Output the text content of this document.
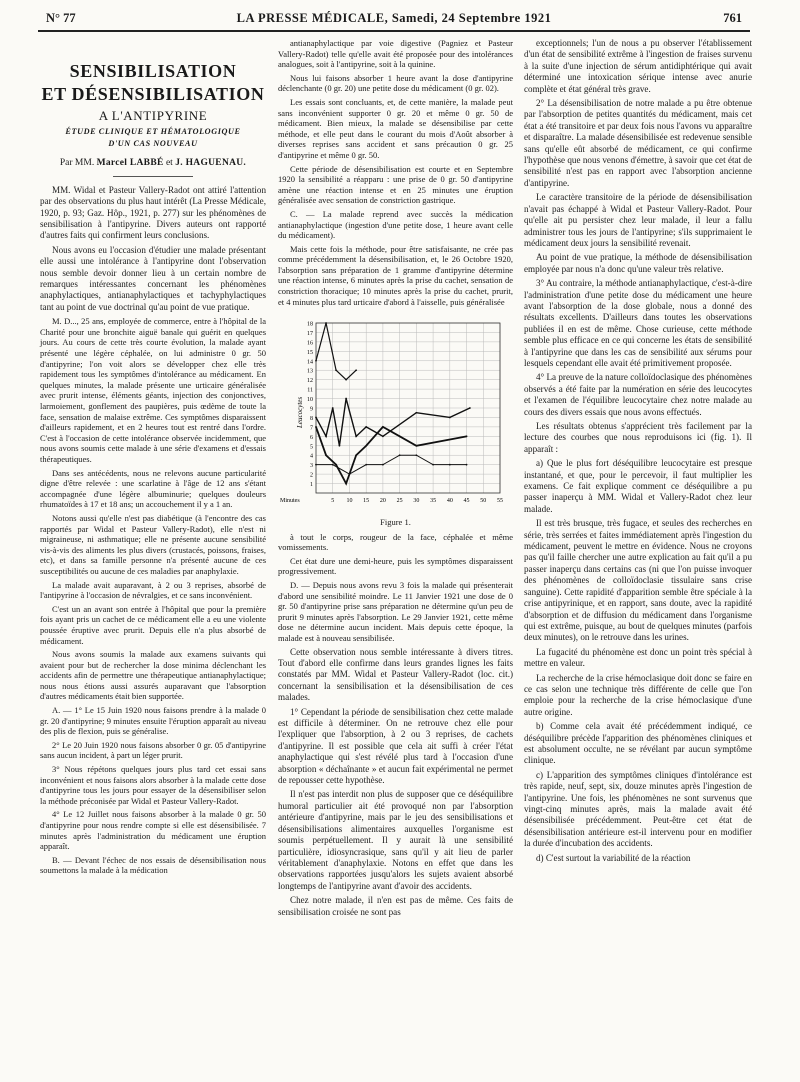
N° 77	LA PRESSE MÉDICALE, Samedi, 24 Septembre 1921	761
SENSIBILISATION
ET DÉSENSIBILISATION
A L'ANTIPYRINE
ÉTUDE CLINIQUE ET HÉMATOLOGIQUE
D'UN CAS NOUVEAU
Par MM. Marcel LABBÉ et J. HAGUENAU.

MM. Widal et Pasteur Vallery-Radot ont attiré l'attention par des observations du plus haut intérêt (La Presse Médicale, 1920, p. 93; Gaz. Hôp., 1921, p. 277) sur les phénomènes de sensibilisation à l'antipyrine. Divers auteurs ont rapporté d'autres faits qui confirment leurs conclusions.

Nous avons eu l'occasion d'étudier une malade présentant elle aussi une intolérance à l'antipyrine dont l'observation nous semble devoir donner lieu à un certain nombre de remarques intéressantes concernant les phénomènes anaphylactiques, antianaphylactiques et tachyphylactiques tant au point de vue doctrinal qu'au point de vue pratique.

M. D..., 25 ans, employée de commerce, entre à l'hôpital de la Charité pour une bronchite aiguë banale qui guérit en quelques jours. Au cours de cette très courte évolution, la malade ayant présenté une légère céphalée, on lui administre 0 gr. 50 d'antipyrine; l'on voit alors se développer chez elle très rapidement tous les symptômes d'intolérance au médicament. En quelques minutes, la malade présente une urticaire généralisée avec prurit intense, éléments géants, injection des conjonctives, larmoiement, gonflement des paupières, puis œdème de toute la face, sensation de malaise extrême. Ces symptômes disparaissent d'ailleurs rapidement, et en 2 heures tout est rentré dans l'ordre. C'est à l'occasion de cette intolérance observée incidemment, que nous avons soumis cette malade à une série d'examens et d'essais thérapeutiques.

Dans ses antécédents, nous ne relevons aucune particularité digne d'être relevée : une scarlatine à l'âge de 12 ans s'étant accompagnée d'une légère albuminurie; quelques douleurs rhumatoïdes à 17 et 18 ans; un accouchement il y a 1 an.

Notons aussi qu'elle n'est pas diabétique (à l'encontre des cas rapportés par Widal et Pasteur Vallery-Radot), elle n'est ni migraineuse, ni asthmatique; elle ne présente aucune sensibilité vis-à-vis des aliments les plus divers (crustacés, poissons, fraises, etc), et dans sa famille personne n'a présenté aucune de ces susceptibilités ou aucune de ces maladies par anaphylaxie.

La malade avait auparavant, à 2 ou 3 reprises, absorbé de l'antipyrine à l'occasion de névralgies, et ce sans inconvénient.

C'est un an avant son entrée à l'hôpital que pour la première fois ayant pris un cachet de ce médicament elle a eu une violente poussée éruptive avec prurit. Depuis elle n'a plus absorbé de médicament.

Nous avons soumis la malade aux examens suivants qui avaient pour but de rechercher la dose minima déclenchant les accidents afin de permettre une thérapeutique antianaphylactique; nous nous étions aussi assurés auparavant que l'absorption d'autres médicaments était bien supportée.

A. — 1° Le 15 Juin 1920 nous faisons prendre à la malade 0 gr. 20 d'antipyrine; 9 minutes ensuite l'éruption apparaît au niveau des plis de flexion, puis se généralise.

2° Le 20 Juin 1920 nous faisons absorber 0 gr. 05 d'antipyrine sans aucun incident, à part un léger prurit.

3° Nous répétons quelques jours plus tard cet essai sans inconvénient et nous faisons alors absorber à la malade cette dose d'antipyrine tous les jours pour essayer de la désensibiliser selon la méthode préconisée par Widal et Pasteur Vallery-Radot.

4° Le 12 Juillet nous faisons absorber à la malade 0 gr. 50 d'antipyrine pour nous rendre compte si elle est désensibilisée. 7 minutes après l'administration du médicament une éruption apparaît.

B. — Devant l'échec de nos essais de désensibilisation nous soumettons la malade à la médication

antianaphylactique par voie digestive (Pagniez et Pasteur Vallery-Radot) telle qu'elle avait été proposée pour des intolérances analogues, soit à l'antipyrine, soit à la quinine.

Nous lui faisons absorber 1 heure avant la dose d'antipyrine déclenchante (0 gr. 20) une petite dose du médicament (0 gr. 02).

Les essais sont concluants, et, de cette manière, la malade peut sans inconvénient supporter 0 gr. 20 et même 0 gr. 50 de médicament. Bien mieux, la malade se désensibilise par cette méthode, et elle peut dans le courant du mois d'Août absorber à diverses reprises sans accident et sans précaution 0 gr. 25 d'antipyrine et même 0 gr. 50.

Cette période de désensibilisation est courte et en Septembre 1920 la sensibilité a réapparu : une prise de 0 gr. 50 d'antipyrine amène une réaction intense et en 25 minutes une éruption généralisée avec sensation de constriction gastrique.

C. — La malade reprend avec succès la médication antianaphylactique (ingestion d'une petite dose, 1 heure avant celle du médicament).

Mais cette fois la méthode, pour être satisfaisante, ne crée pas comme précédemment la désensibilisation, et, le 26 Octobre 1920, l'absorption sans préparation de 1 gramme d'antipyrine détermine une réaction intense, 6 minutes après la prise du cachet, sensation de constriction thoracique; 10 minutes après la prise du cachet, prurit, et 4 minutes plus tard urticaire d'abord à l'aisselle, puis généralisée

1
2
3
4
5
6
7
8
9
10
11
12
13
14
15
16
17
18
5 10 15 20 25 30 35 40 45 50 55
Minutes
Leucocytes

Figure 1.

à tout le corps, rougeur de la face, céphalée et même vomissements.

Cet état dure une demi-heure, puis les symptômes disparaissent progressivement.

D. — Depuis nous avons revu 3 fois la malade qui présenterait d'abord une sensibilité moindre. Le 11 Janvier 1921 une dose de 0 gr. 50 d'antipyrine prise sans préparation ne détermine qu'un peu de prurit 9 minutes après l'absorption. Le 29 Janvier 1921, cette même dose ne détermine aucun incident. Mais depuis cette époque, la malade est à nouveau sensibilisée.

Cette observation nous semble intéressante à divers titres. Tout d'abord elle confirme dans leurs grandes lignes les faits constatés par MM. Widal et Pasteur Vallery-Radot (loc. cit.) concernant la sensibilisation et la désensibilisation de ces malades.

1° Cependant la période de sensibilisation chez cette malade est difficile à déterminer. On ne retrouve chez elle pour l'expliquer que l'absorption, à 2 ou 3 reprises, de cachets d'antipyrine. Il est possible que cela ait suffi à créer l'état anaphylactique qui s'est révélé plus tard à l'occasion d'une absorption « déchaînante » et aucun fait expérimental ne permet de repousser cette hypothèse.

Il n'est pas interdit non plus de supposer que ce déséquilibre humoral particulier ait été provoqué non par l'absorption antérieure d'antipyrine, mais par le jeu des sensibilisations et désensibilisations alimentaires auxquelles l'organisme est soumis perpétuellement. Il y aurait là une sensibilité particulière, idiosyncrasique, sans qu'il y ait lieu de parler véritablement d'anaphylaxie. Notons en effet que dans les observations rapportées jusqu'alors les sujets avaient absorbé longtemps de l'antipyrine avant d'avoir des accidents.

Chez notre malade, il n'en est pas de même. Ces faits de sensibilisation croisée ne sont pas

exceptionnels; l'un de nous a pu observer l'établissement d'un état de sensibilité extrême à l'ingestion de fraises survenu à la suite d'une injection de sérum antidiphtérique qui avait déterminé une intoxication sérique intense avec anurie complète et état général très grave.

2° La désensibilisation de notre malade a pu être obtenue par l'absorption de petites quantités du médicament, mais cet état a été transitoire et par deux fois nous l'avons vu apparaître et disparaître. La malade désensibilisée est redevenue sensible sans qu'elle eût absorbé de médicament, ce qui confirme l'hypothèse que nous venons d'émettre, à savoir que cet état de sensibilité n'est pas en rapport avec l'absorption ancienne d'antipyrine.

Le caractère transitoire de la période de désensibilisation n'avait pas échappé à Widal et Pasteur Vallery-Radot. Pour qu'elle ait pu persister chez leur malade, il leur a fallu administrer tous les jours de l'antipyrine; s'ils supprimaient le médicament deux jours la sensibilité revenait.

Au point de vue pratique, la méthode de désensibilisation employée par nous n'a donc qu'une valeur très relative.

3° Au contraire, la méthode antianaphylactique, c'est-à-dire l'administration d'une petite dose du médicament une heure avant l'absorption de la dose globale, nous a donné des résultats excellents. D'ailleurs dans toutes les observations publiées il en est de même. Chose curieuse, cette méthode semble plus efficace en ce qui concerne les états de sensibilité à l'antipyrine que dans les cas de sensibilité aux sérums pour lesquels cependant elle avait été primitivement proposée.

4° La preuve de la nature colloïdoclasique des phénomènes observés a été faite par la numération en série des leucocytes et l'examen de l'équilibre leucocytaire chez notre malade au cours des divers essais que nous avons effectués.

Les résultats obtenus s'apprécient très facilement par la lecture des courbes que nous reproduisons ici (fig. 1). Il apparaît :

a) Que le plus fort déséquilibre leucocytaire est presque instantané, et que, pour le percevoir, il faut multiplier les examens. Ce fait explique comment ce déséquilibre a pu passer inaperçu à MM. Widal et Vallery-Radot chez leur malade.

Il est très brusque, très fugace, et seules des recherches en série, très serrées et faites immédiatement après l'ingestion du médicament, peuvent le mettre en évidence. Nous ne croyons pas qu'il faille chercher une autre explication au fait qu'il a pu passer inaperçu dans certains cas (ni que l'on puisse invoquer des phénomènes de colloïdoclasie tissulaire sans crise sanguine). Cette rapidité d'apparition semble être spéciale à la crise antipyrinique, et en rapport, sans doute, avec la rapidité d'absorption et de diffusion du médicament dans l'organisme qui est extrême, puisque, au bout de quelques minutes (parfois deux minutes), on le retrouve dans les urines.

La fugacité du phénomène est donc un point très spécial à mettre en valeur.

La recherche de la crise hémoclasique doit donc se faire en ce cas selon une technique très différente de celle que l'on emploie pour la recherche de la crise hémoclasique d'une autre origine.

b) Comme cela avait été précédemment indiqué, ce déséquilibre précède l'apparition des phénomènes cliniques et est absolument occulte, ne se révélant par aucun symptôme clinique.

c) L'apparition des symptômes cliniques d'intolérance est très rapide, neuf, sept, six, douze minutes après l'ingestion de l'antipyrine. Une fois, les phénomènes ne sont survenus que vingt-cinq minutes après, mais la malade avait été désensibilisée précédemment. Peut-être cet état de désensibilisation antérieure est-il intervenu pour en modifier la durée d'incubation des accidents.

d) C'est surtout la variabilité de la réaction
